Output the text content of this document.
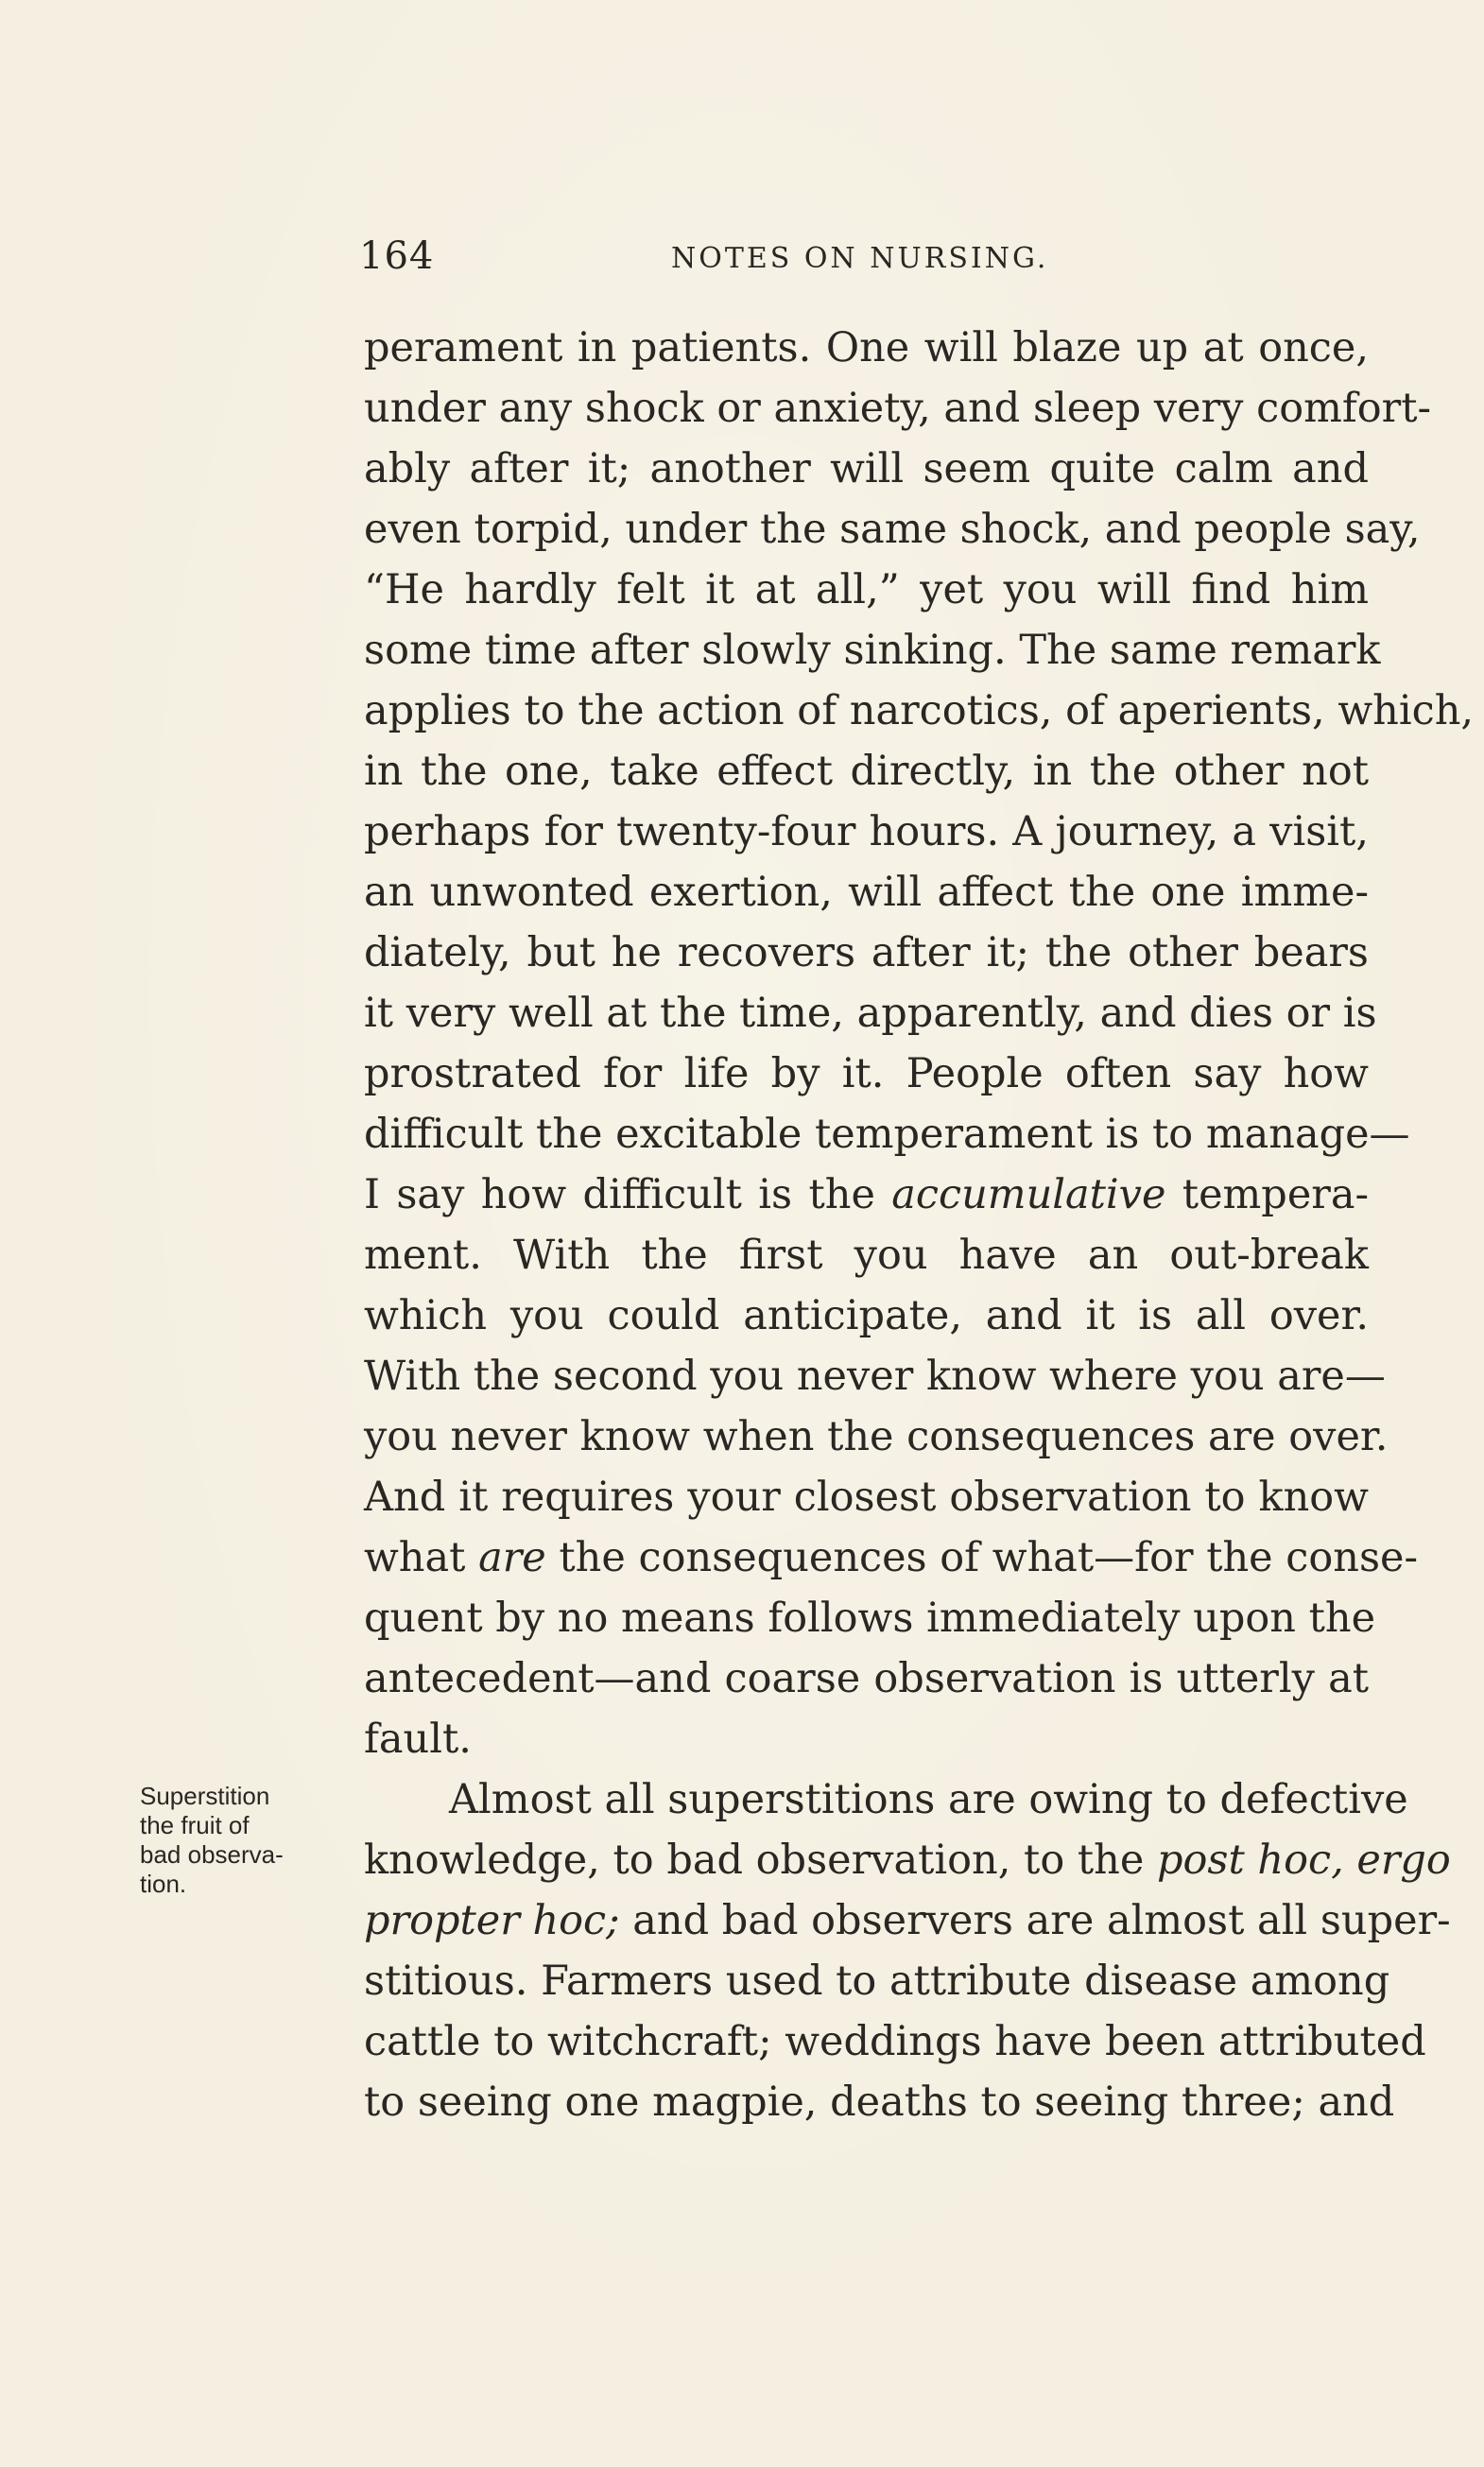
164	NOTES ON NURSING.
Superstition
the fruit of
bad observa-
tion.
perament in patients. One will blaze up at once,
under any shock or anxiety, and sleep very comfort-
ably after it; another will seem quite calm and
even torpid, under the same shock, and people say,
“He hardly felt it at all,” yet you will find him
some time after slowly sinking. The same remark
applies to the action of narcotics, of aperients, which,
in the one, take effect directly, in the other not
perhaps for twenty-four hours. A journey, a visit,
an unwonted exertion, will affect the one imme-
diately, but he recovers after it; the other bears
it very well at the time, apparently, and dies or is
prostrated for life by it. People often say how
difficult the excitable temperament is to manage—
I say how difficult is the accumulative tempera-
ment. With the first you have an out-break
which you could anticipate, and it is all over.
With the second you never know where you are—
you never know when the consequences are over.
And it requires your closest observation to know
what are the consequences of what—for the conse-
quent by no means follows immediately upon the
antecedent—and coarse observation is utterly at
fault.
Almost all superstitions are owing to defective
knowledge, to bad observation, to the post hoc, ergo
propter hoc; and bad observers are almost all super-
stitious. Farmers used to attribute disease among
cattle to witchcraft; weddings have been attributed
to seeing one magpie, deaths to seeing three; and
